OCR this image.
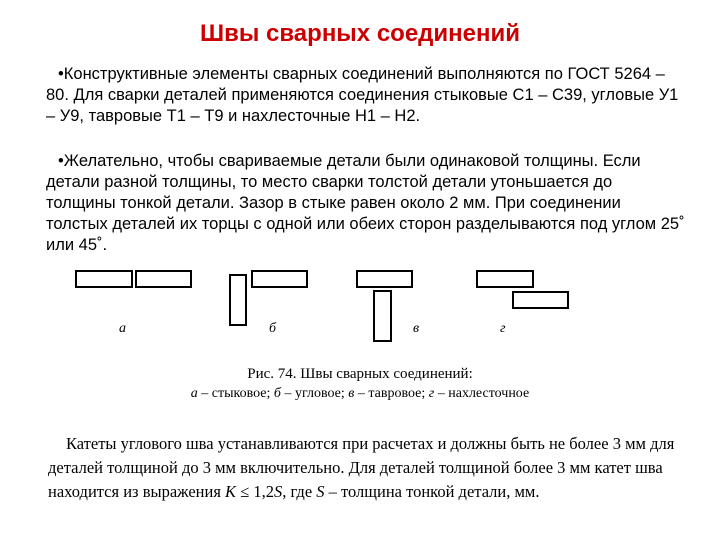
Швы сварных соединений
•Конструктивные элементы сварных соединений выполняются по ГОСТ 5264 – 80. Для сварки деталей применяются соединения стыковые С1 – С39, угловые У1 – У9, тавровые Т1 – Т9 и нахлесточные Н1 – Н2.
•Желательно, чтобы свариваемые детали были одинаковой толщины. Если детали разной толщины, то место сварки толстой детали утоньшается до толщины тонкой детали. Зазор в стыке равен около 2 мм. При соединении толстых деталей их торцы с одной или обеих сторон разделываются под углом 25˚ или 45˚.
а	б	в	г
Рис. 74. Швы сварных соединений:
а – стыковое; б – угловое; в – тавровое; г – нахлесточное
Катеты углового шва устанавливаются при расчетах и должны быть не более 3 мм для деталей толщиной до 3 мм включительно. Для деталей толщиной более 3 мм катет шва находится из выражения K ≤ 1,2S, где S – толщина тонкой детали, мм.
